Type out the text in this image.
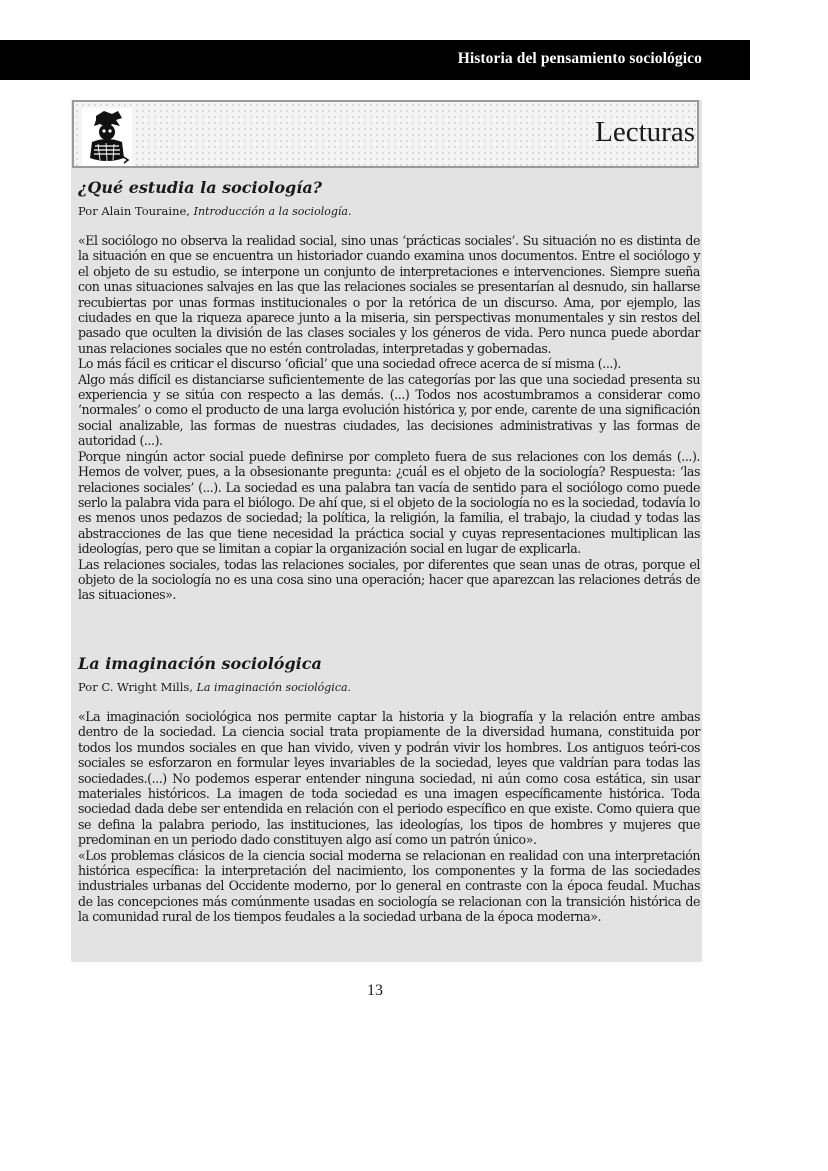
Historia del pensamiento sociológico
Lecturas
¿Qué estudia la sociología?
Por Alain Touraine, Introducción a la sociología.

«El sociólogo no observa la realidad social, sino unas ‘prácticas sociales’. Su situación no es distinta de la situación en que se encuentra un historiador cuando examina unos documentos. Entre el sociólogo y el objeto de su estudio, se interpone un conjunto de interpretaciones e intervenciones. Siempre sueña con unas situaciones salvajes en las que las relaciones sociales se presentarían al desnudo, sin hallarse recubiertas por unas formas institucionales o por la retórica de un discurso. Ama, por ejemplo, las ciudades en que la riqueza aparece junto a la miseria, sin perspectivas monumentales y sin restos del pasado que oculten la división de las clases sociales y los géneros de vida. Pero nunca puede abordar unas relaciones sociales que no estén controladas, interpretadas y gobernadas.

Lo más fácil es criticar el discurso ‘oficial’ que una sociedad ofrece acerca de sí misma (...).

Algo más difícil es distanciarse suficientemente de las categorías por las que una sociedad presenta su experiencia y se sitúa con respecto a las demás. (...) Todos nos acostumbramos a considerar como ‘normales’ o como el producto de una larga evolución histórica y, por ende, carente de una significación social analizable, las formas de nuestras ciudades, las decisiones administrativas y las formas de autoridad (...).

Porque ningún actor social puede definirse por completo fuera de sus relaciones con los demás (...). Hemos de volver, pues, a la obsesionante pregunta: ¿cuál es el objeto de la sociología? Respuesta: ‘las relaciones sociales’ (...). La sociedad es una palabra tan vacía de sentido para el sociólogo como puede serlo la palabra vida para el biólogo. De ahí que, si el objeto de la sociología no es la sociedad, todavía lo es menos unos pedazos de sociedad; la política, la religión, la familia, el trabajo, la ciudad y todas las abstracciones de las que tiene necesidad la práctica social y cuyas representaciones multiplican las ideologías, pero que se limitan a copiar la organización social en lugar de explicarla.

Las relaciones sociales, todas las relaciones sociales, por diferentes que sean unas de otras, porque el objeto de la sociología no es una cosa sino una operación; hacer que aparezcan las relaciones detrás de las situaciones».

La imaginación sociológica
Por C. Wright Mills, La imaginación sociológica.

«La imaginación sociológica nos permite captar la historia y la biografía y la relación entre ambas dentro de la sociedad. La ciencia social trata propiamente de la diversidad humana, constituida por todos los mundos sociales en que han vivido, viven y podrán vivir los hombres. Los antiguos teóri-cos sociales se esforzaron en formular leyes invariables de la sociedad, leyes que valdrían para todas las sociedades.(...) No podemos esperar entender ninguna sociedad, ni aún como cosa estática, sin usar materiales históricos. La imagen de toda sociedad es una imagen específicamente histórica. Toda sociedad dada debe ser entendida en relación con el periodo específico en que existe. Como quiera que se defina la palabra periodo, las instituciones, las ideologías, los tipos de hombres y mujeres que predominan en un periodo dado constituyen algo así como un patrón único».

«Los problemas clásicos de la ciencia social moderna se relacionan en realidad con una interpretación histórica específica: la interpretación del nacimiento, los componentes y la forma de las sociedades industriales urbanas del Occidente moderno, por lo general en contraste con la época feudal. Muchas de las concepciones más comúnmente usadas en sociología se relacionan con la transición histórica de la comunidad rural de los tiempos feudales a la sociedad urbana de la época moderna».

13
